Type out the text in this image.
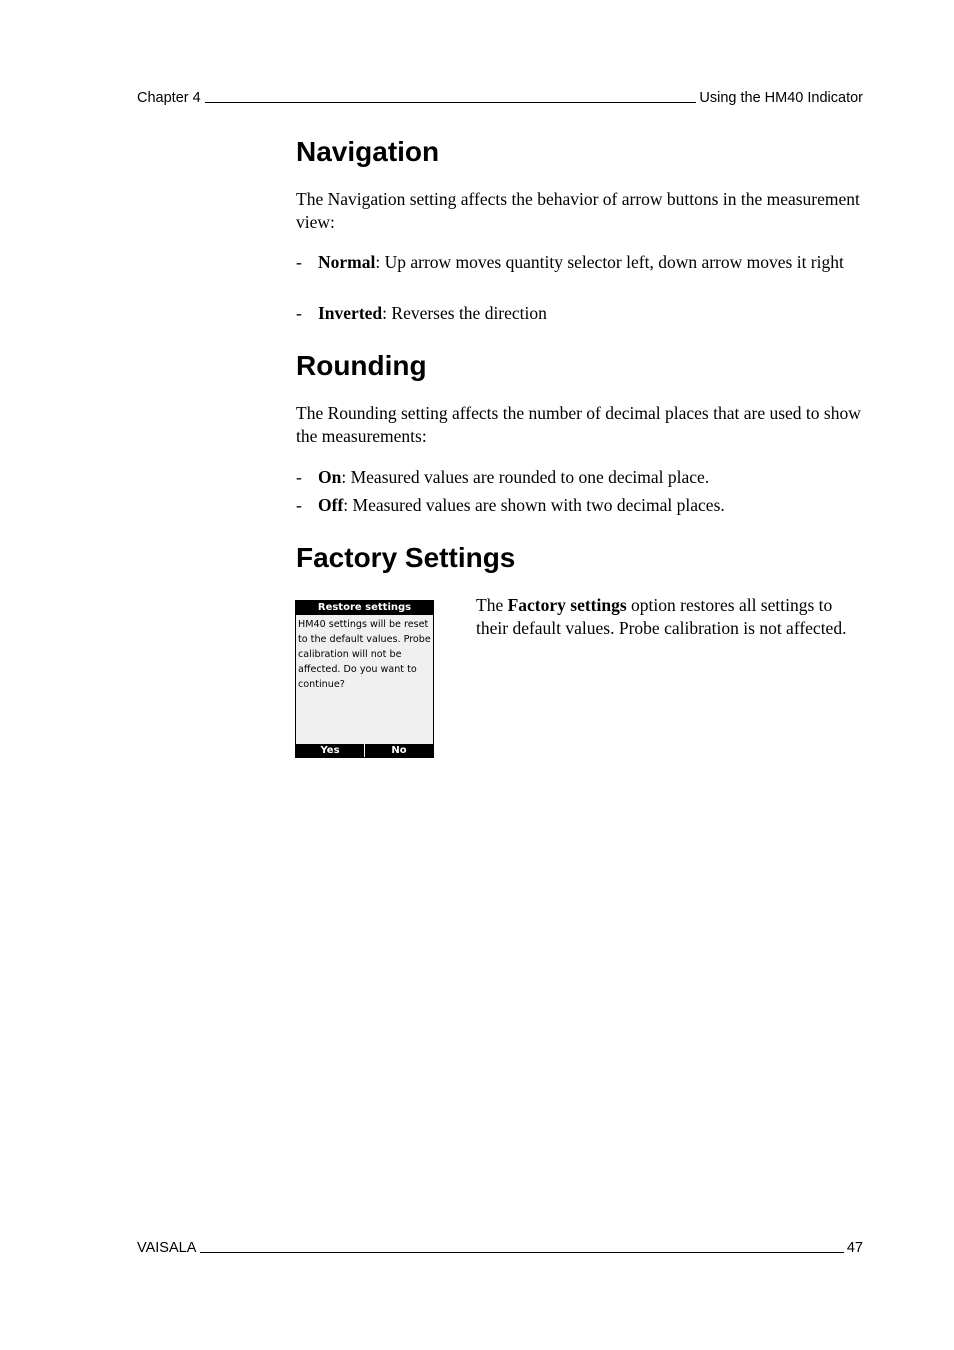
Chapter 4	Using the HM40 Indicator
Navigation

The Navigation setting affects the behavior of arrow buttons in the measurement view:

- Normal: Up arrow moves quantity selector left, down arrow moves it right
- Inverted: Reverses the direction
Rounding

The Rounding setting affects the number of decimal places that are used to show the measurements:

- On: Measured values are rounded to one decimal place.
- Off: Measured values are shown with two decimal places.
Factory Settings
Restore settings
HM40 settings will be reset
to the default values. Probe
calibration will not be
affected. Do you want to
continue?
Yes	No

The Factory settings option restores all settings to their default values. Probe calibration is not affected.

VAISALA	47
